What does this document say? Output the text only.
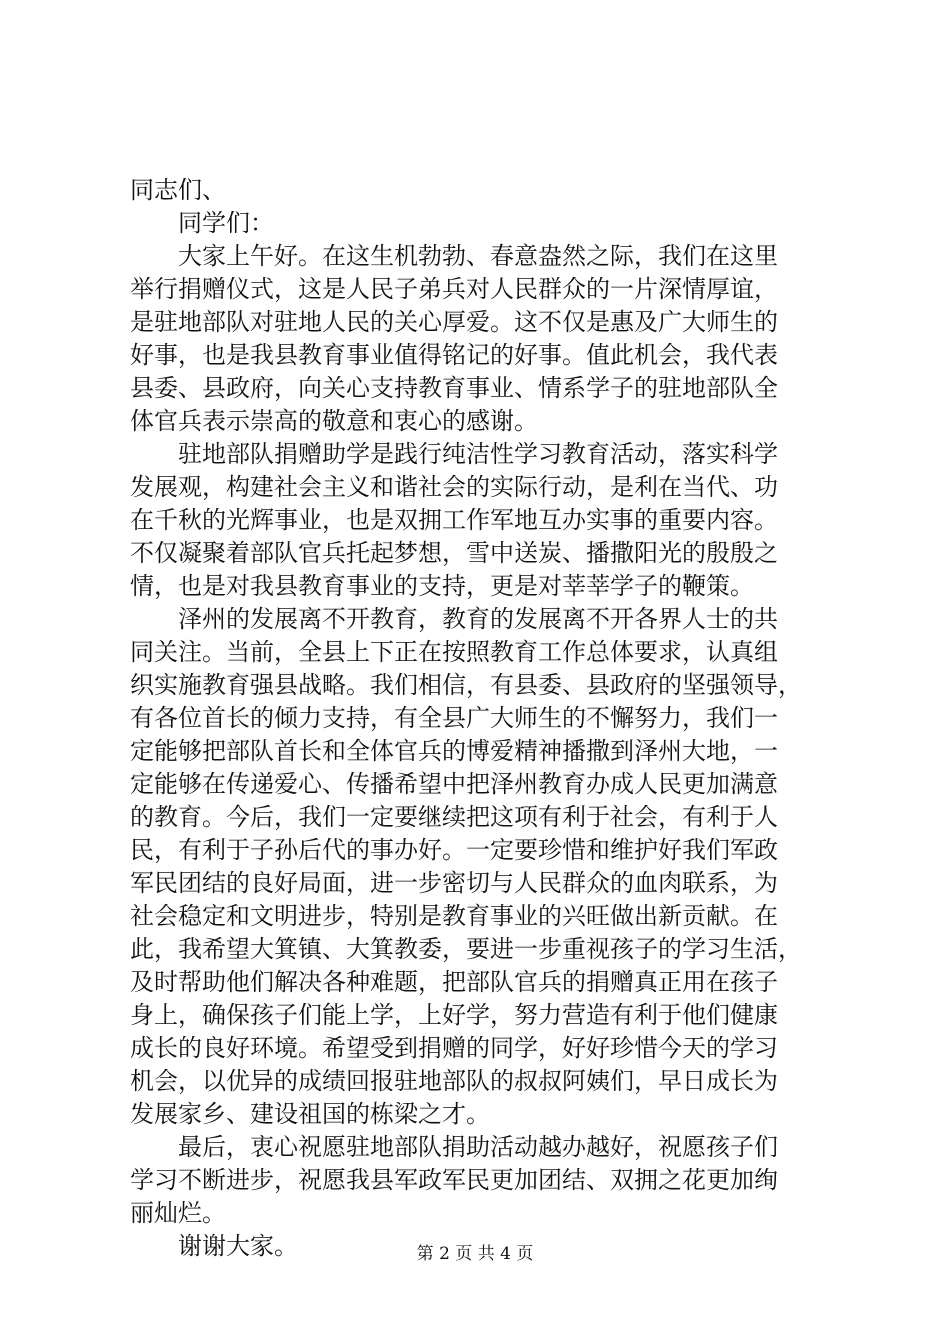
同志们、
同学们：
大家上午好。在这生机勃勃、春意盎然之际，我们在这里
举行捐赠仪式，这是人民子弟兵对人民群众的一片深情厚谊，
是驻地部队对驻地人民的关心厚爱。这不仅是惠及广大师生的
好事，也是我县教育事业值得铭记的好事。值此机会，我代表
县委、县政府，向关心支持教育事业、情系学子的驻地部队全
体官兵表示崇高的敬意和衷心的感谢。
驻地部队捐赠助学是践行纯洁性学习教育活动，落实科学
发展观，构建社会主义和谐社会的实际行动，是利在当代、功
在千秋的光辉事业，也是双拥工作军地互办实事的重要内容。
不仅凝聚着部队官兵托起梦想，雪中送炭、播撒阳光的殷殷之
情，也是对我县教育事业的支持，更是对莘莘学子的鞭策。
泽州的发展离不开教育，教育的发展离不开各界人士的共
同关注。当前，全县上下正在按照教育工作总体要求，认真组
织实施教育强县战略。我们相信，有县委、县政府的坚强领导，
有各位首长的倾力支持，有全县广大师生的不懈努力，我们一
定能够把部队首长和全体官兵的博爱精神播撒到泽州大地，一
定能够在传递爱心、传播希望中把泽州教育办成人民更加满意
的教育。今后，我们一定要继续把这项有利于社会，有利于人
民，有利于子孙后代的事办好。一定要珍惜和维护好我们军政
军民团结的良好局面，进一步密切与人民群众的血肉联系，为
社会稳定和文明进步，特别是教育事业的兴旺做出新贡献。在
此，我希望大箕镇、大箕教委，要进一步重视孩子的学习生活，
及时帮助他们解决各种难题，把部队官兵的捐赠真正用在孩子
身上，确保孩子们能上学，上好学，努力营造有利于他们健康
成长的良好环境。希望受到捐赠的同学，好好珍惜今天的学习
机会，以优异的成绩回报驻地部队的叔叔阿姨们，早日成长为
发展家乡、建设祖国的栋梁之才。
最后，衷心祝愿驻地部队捐助活动越办越好，祝愿孩子们
学习不断进步，祝愿我县军政军民更加团结、双拥之花更加绚
丽灿烂。
谢谢大家。	第 2 页 共 4 页
